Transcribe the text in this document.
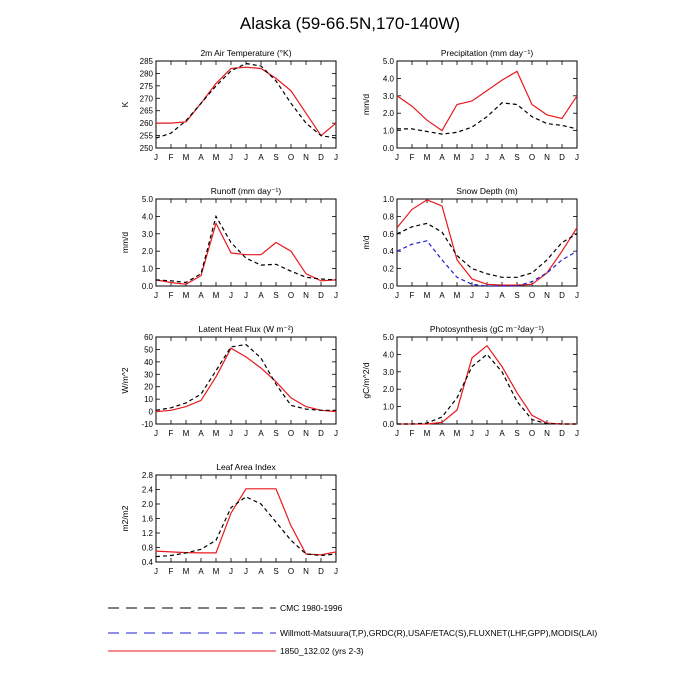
Alaska (59-66.5N,170-140W)
2m Air Temperature (°K)
K
250
255
260
265
270
275
280
285
J F M A M J J A S O N D J
Precipitation (mm day⁻¹)
mm/d
0.0
1.0
2.0
3.0
4.0
5.0
J F M A M J J A S O N D J
Runoff (mm day⁻¹)
mm/d
0.0
1.0
2.0
3.0
4.0
5.0
J F M A M J J A S O N D J
Snow Depth (m)
m/d
0.0
0.2
0.4
0.6
0.8
1.0
J F M A M J J A S O N D J
Latent Heat Flux (W m⁻²)
W/m^2
-10
0
10
20
30
40
50
60
J F M A M J J A S O N D J
Photosynthesis (gC m⁻²day⁻¹)
gC/m^2/d
0.0
1.0
2.0
3.0
4.0
5.0
J F M A M J J A S O N D J
Leaf Area Index
m2/m2
0.4
0.8
1.2
1.6
2.0
2.4
2.8
J F M A M J J A S O N D J
CMC 1980-1996
Willmott-Matsuura(T,P),GRDC(R),USAF/ETAC(S),FLUXNET(LHF,GPP),MODIS(LAI)
1850_132.02 (yrs 2-3)
